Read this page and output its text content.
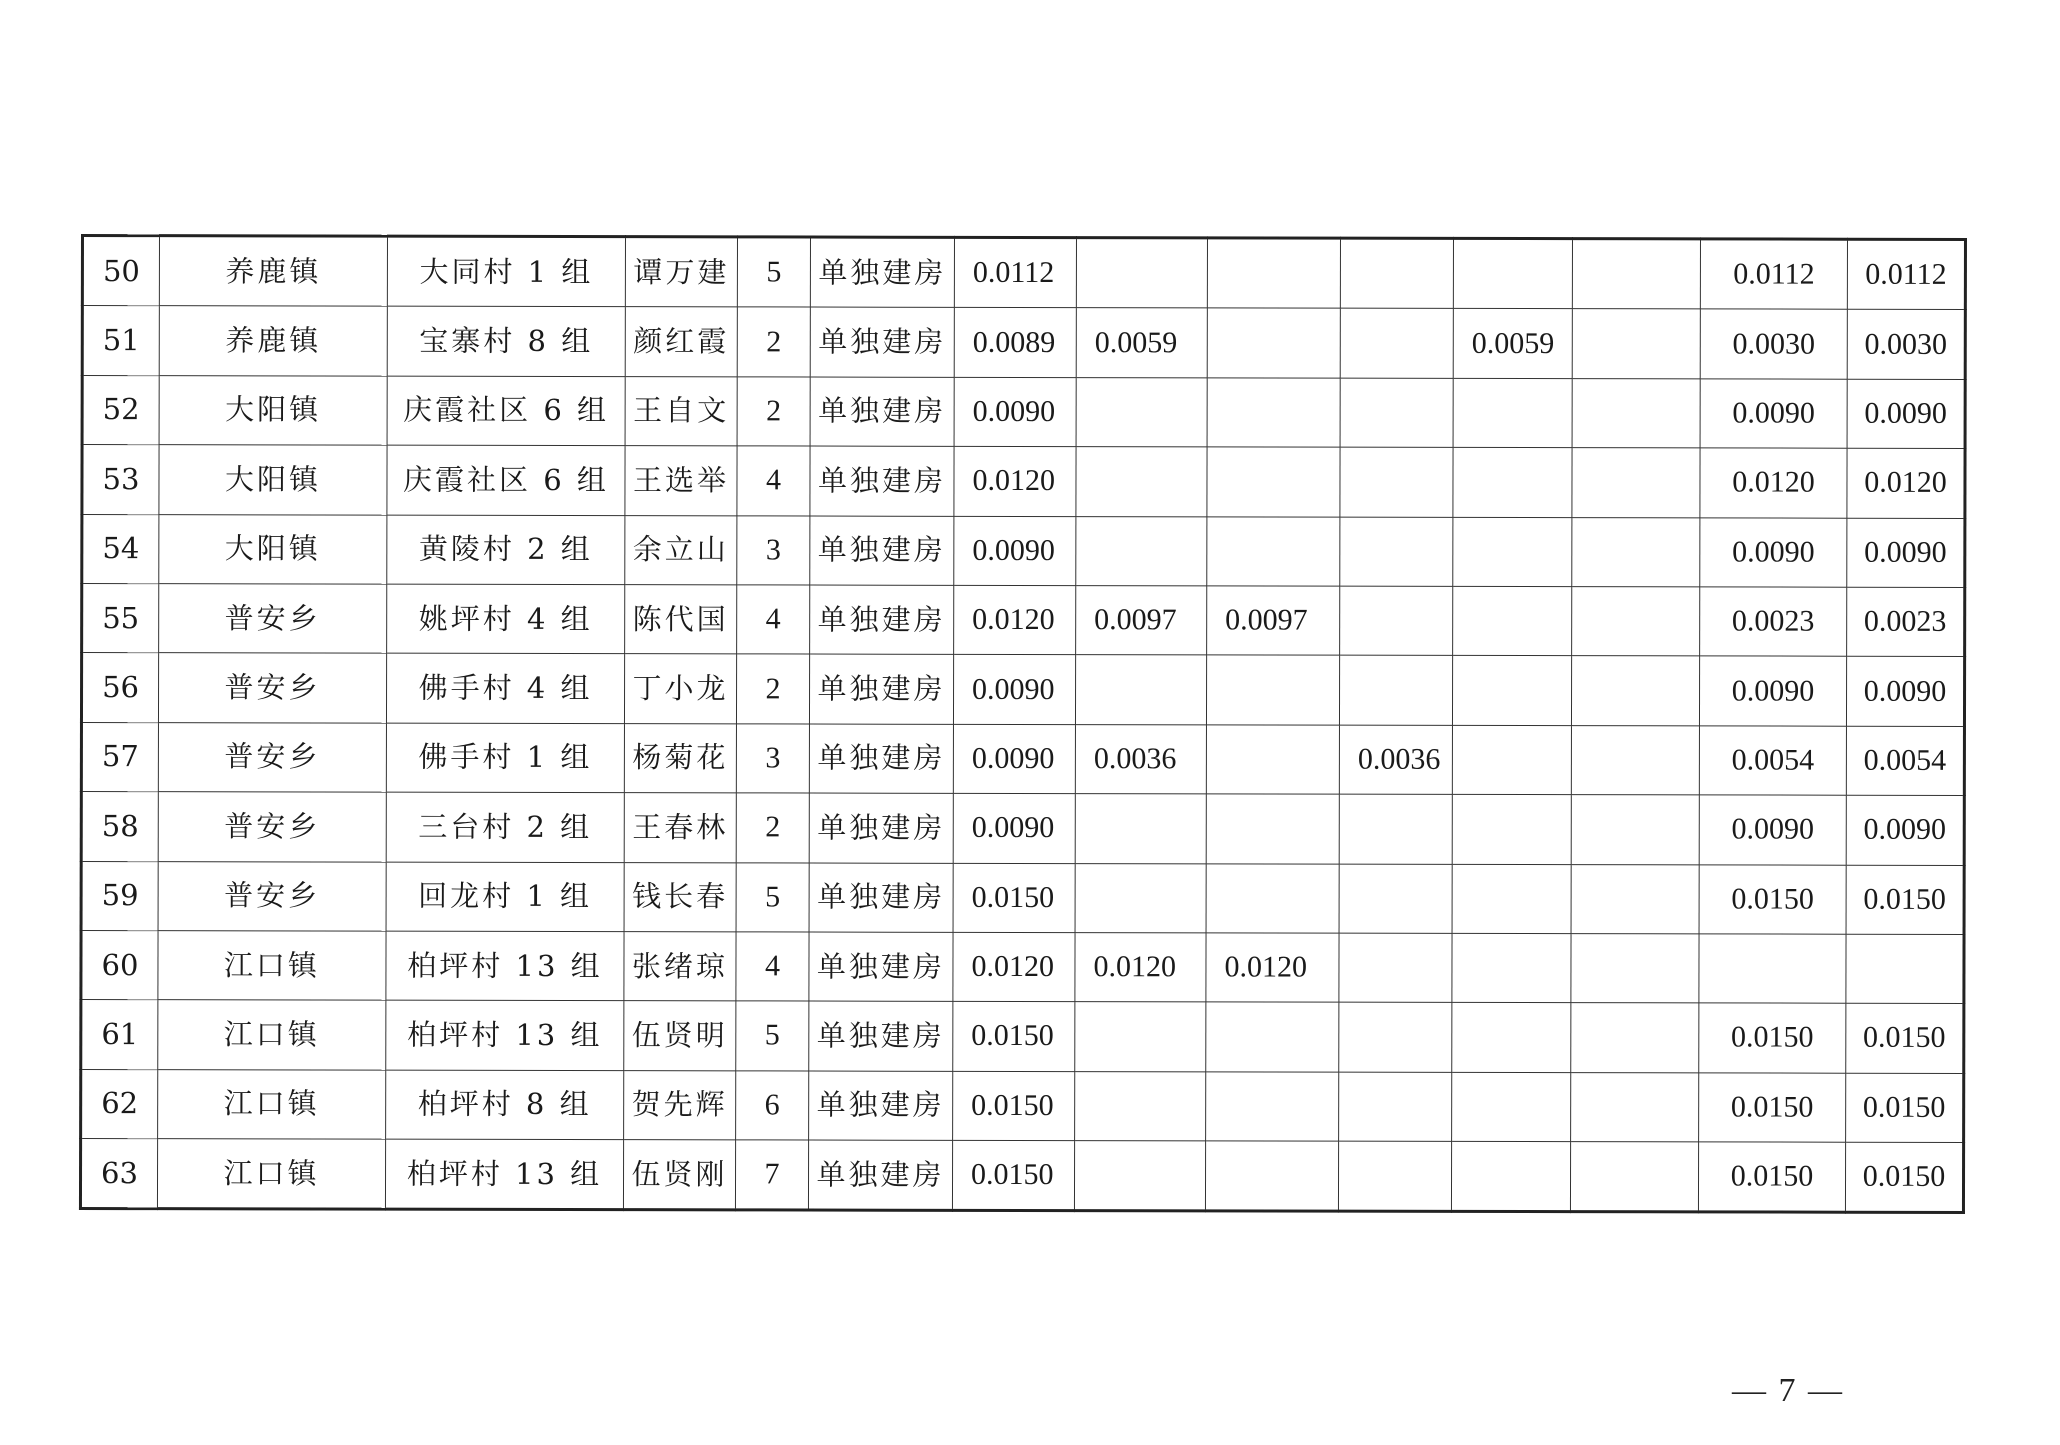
50	养鹿镇	大同村 1 组	谭万建	5	单独建房	0.0112						0.0112	0.0112
51	养鹿镇	宝寨村 8 组	颜红霞	2	单独建房	0.0089	0.0059			0.0059		0.0030	0.0030
52	大阳镇	庆霞社区 6 组	王自文	2	单独建房	0.0090						0.0090	0.0090
53	大阳镇	庆霞社区 6 组	王选举	4	单独建房	0.0120						0.0120	0.0120
54	大阳镇	黄陵村 2 组	余立山	3	单独建房	0.0090						0.0090	0.0090
55	普安乡	姚坪村 4 组	陈代国	4	单独建房	0.0120	0.0097	0.0097				0.0023	0.0023
56	普安乡	佛手村 4 组	丁小龙	2	单独建房	0.0090						0.0090	0.0090
57	普安乡	佛手村 1 组	杨菊花	3	单独建房	0.0090	0.0036		0.0036			0.0054	0.0054
58	普安乡	三台村 2 组	王春林	2	单独建房	0.0090						0.0090	0.0090
59	普安乡	回龙村 1 组	钱长春	5	单独建房	0.0150						0.0150	0.0150
60	江口镇	柏坪村 13 组	张绪琼	4	单独建房	0.0120	0.0120	0.0120					
61	江口镇	柏坪村 13 组	伍贤明	5	单独建房	0.0150						0.0150	0.0150
62	江口镇	柏坪村 8 组	贺先辉	6	单独建房	0.0150						0.0150	0.0150
63	江口镇	柏坪村 13 组	伍贤刚	7	单独建房	0.0150						0.0150	0.0150
— 7 —
